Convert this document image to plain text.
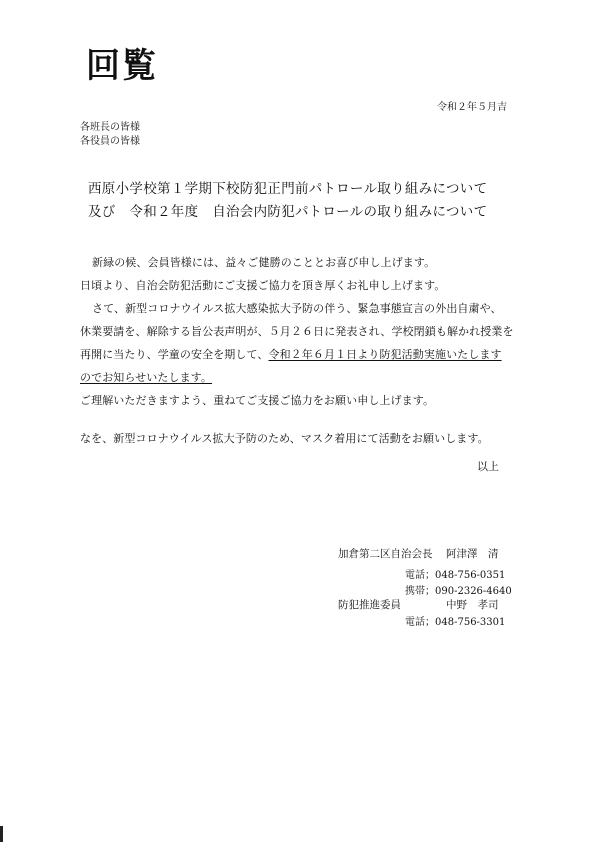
回覧
令和２年５月吉
各班長の皆様
各役員の皆様
西原小学校第１学期下校防犯正門前パトロール取り組みについて
及び　令和２年度　自治会内防犯パトロールの取り組みについて
新緑の候、会員皆様には、益々ご健勝のこととお喜び申し上げます。
日頃より、自治会防犯活動にご支援ご協力を頂き厚くお礼申し上げます。
さて、新型コロナウイルス拡大感染拡大予防の伴う、緊急事態宣言の外出自粛や、
休業要請を、解除する旨公表声明が、５月２６日に発表され、学校閉鎖も解かれ授業を
再開に当たり、学童の安全を期して、令和２年６月１日より防犯活動実施いたします
のでお知らせいたします。
ご理解いただきますよう、重ねてご支援ご協力をお願い申し上げます。
なを、新型コロナウイルス拡大予防のため、マスク着用にて活動をお願いします。
以上
加倉第二区自治会長 阿津澤　清
電話；048-756-0351
携帯；090-2326-4640
防犯推進委員	中野　孝司
電話；048-756-3301
